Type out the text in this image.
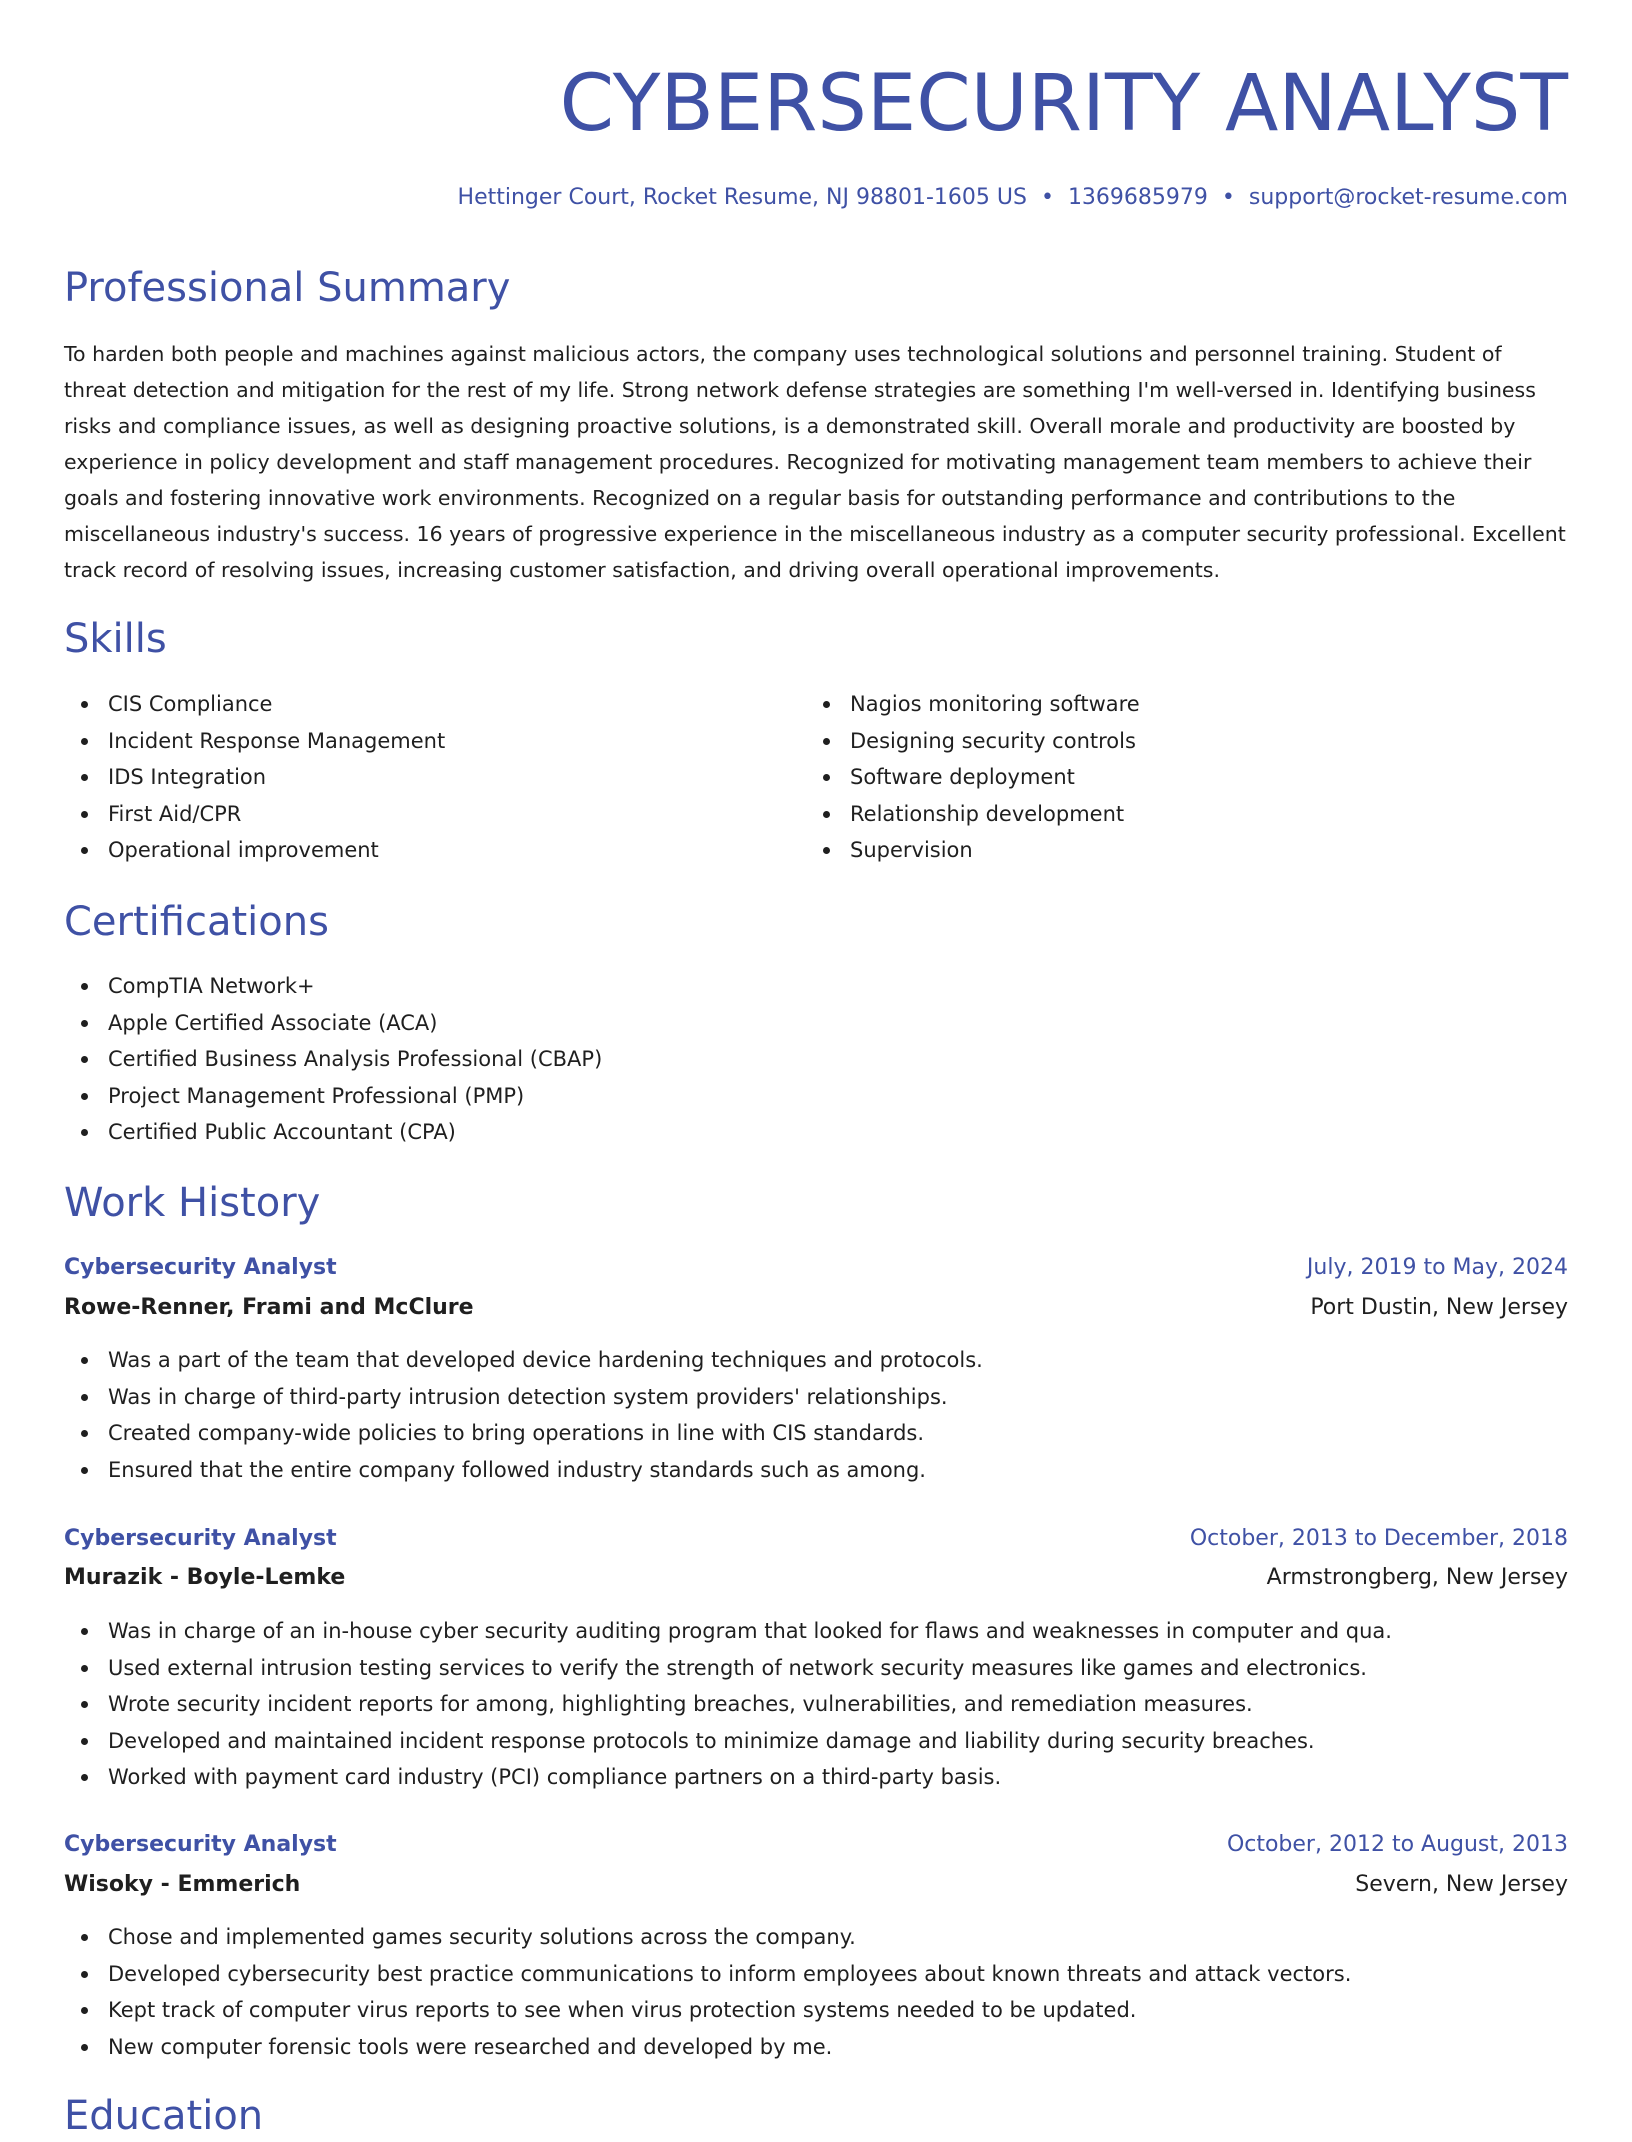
CYBERSECURITY ANALYST
Hettinger Court, Rocket Resume, NJ 98801-1605 US • 1369685979 • support@rocket-resume.com
Professional Summary

To harden both people and machines against malicious actors, the company uses technological solutions and personnel training. Student of threat detection and mitigation for the rest of my life. Strong network defense strategies are something I'm well-versed in. Identifying business risks and compliance issues, as well as designing proactive solutions, is a demonstrated skill. Overall morale and productivity are boosted by experience in policy development and staff management procedures. Recognized for motivating management team members to achieve their goals and fostering innovative work environments. Recognized on a regular basis for outstanding performance and contributions to the miscellaneous industry's success. 16 years of progressive experience in the miscellaneous industry as a computer security professional. Excellent track record of resolving issues, increasing customer satisfaction, and driving overall operational improvements.

Skills
CIS Compliance
Incident Response Management
IDS Integration
First Aid/CPR
Operational improvement
Nagios monitoring software
Designing security controls
Software deployment
Relationship development
Supervision
Certifications
CompTIA Network+
Apple Certified Associate (ACA)
Certified Business Analysis Professional (CBAP)
Project Management Professional (PMP)
Certified Public Accountant (CPA)
Work History
Cybersecurity Analyst	July, 2019 to May, 2024
Rowe-Renner, Frami and McClure	Port Dustin, New Jersey
Was a part of the team that developed device hardening techniques and protocols.
Was in charge of third-party intrusion detection system providers' relationships.
Created company-wide policies to bring operations in line with CIS standards.
Ensured that the entire company followed industry standards such as among.
Cybersecurity Analyst	October, 2013 to December, 2018
Murazik - Boyle-Lemke	Armstrongberg, New Jersey
Was in charge of an in-house cyber security auditing program that looked for flaws and weaknesses in computer and qua.
Used external intrusion testing services to verify the strength of network security measures like games and electronics.
Wrote security incident reports for among, highlighting breaches, vulnerabilities, and remediation measures.
Developed and maintained incident response protocols to minimize damage and liability during security breaches.
Worked with payment card industry (PCI) compliance partners on a third-party basis.
Cybersecurity Analyst	October, 2012 to August, 2013
Wisoky - Emmerich	Severn, New Jersey
Chose and implemented games security solutions across the company.
Developed cybersecurity best practice communications to inform employees about known threats and attack vectors.
Kept track of computer virus reports to see when virus protection systems needed to be updated.
New computer forensic tools were researched and developed by me.
Education
